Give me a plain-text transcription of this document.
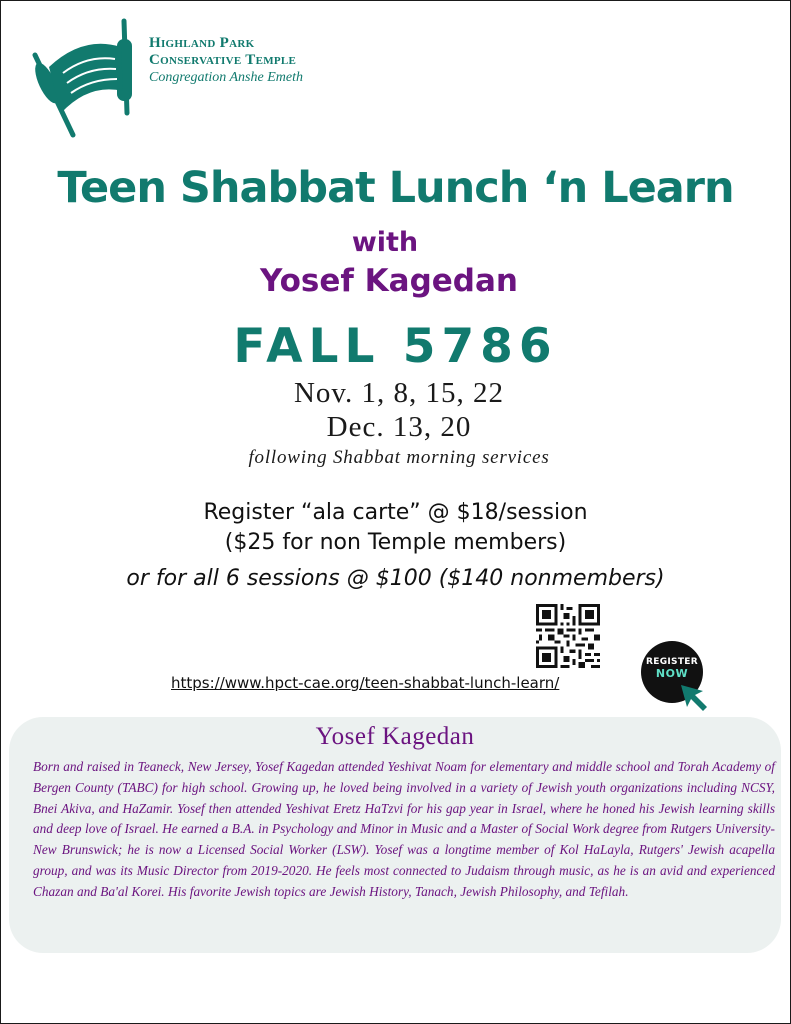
Highland Park
Conservative Temple
Congregation Anshe Emeth
Teen Shabbat Lunch ‘n Learn
with
Yosef Kagedan
FALL 5786
Nov. 1, 8, 15, 22
Dec. 13, 20
following Shabbat morning services
Register “ala carte” @ $18/session
($25 for non Temple members)
or for all 6 sessions @ $100 ($140 nonmembers)
https://www.hpct-cae.org/teen-shabbat-lunch-learn/
REGISTER
NOW
Yosef Kagedan
Born and raised in Teaneck, New Jersey, Yosef Kagedan attended Yeshivat Noam for elementary and middle school and Torah Academy of Bergen County (TABC) for high school. Growing up, he loved being involved in a variety of Jewish youth organizations including NCSY, Bnei Akiva, and HaZamir. Yosef then attended Yeshivat Eretz HaTzvi for his gap year in Israel, where he honed his Jewish learning skills and deep love of Israel. He earned a B.A. in Psychology and Minor in Music and a Master of Social Work degree from Rutgers University-New Brunswick; he is now a Licensed Social Worker (LSW). Yosef was a longtime member of Kol HaLayla, Rutgers' Jewish acapella group, and was its Music Director from 2019-2020. He feels most connected to Judaism through music, as he is an avid and experienced Chazan and Ba'al Korei. His favorite Jewish topics are Jewish History, Tanach, Jewish Philosophy, and Tefilah.
